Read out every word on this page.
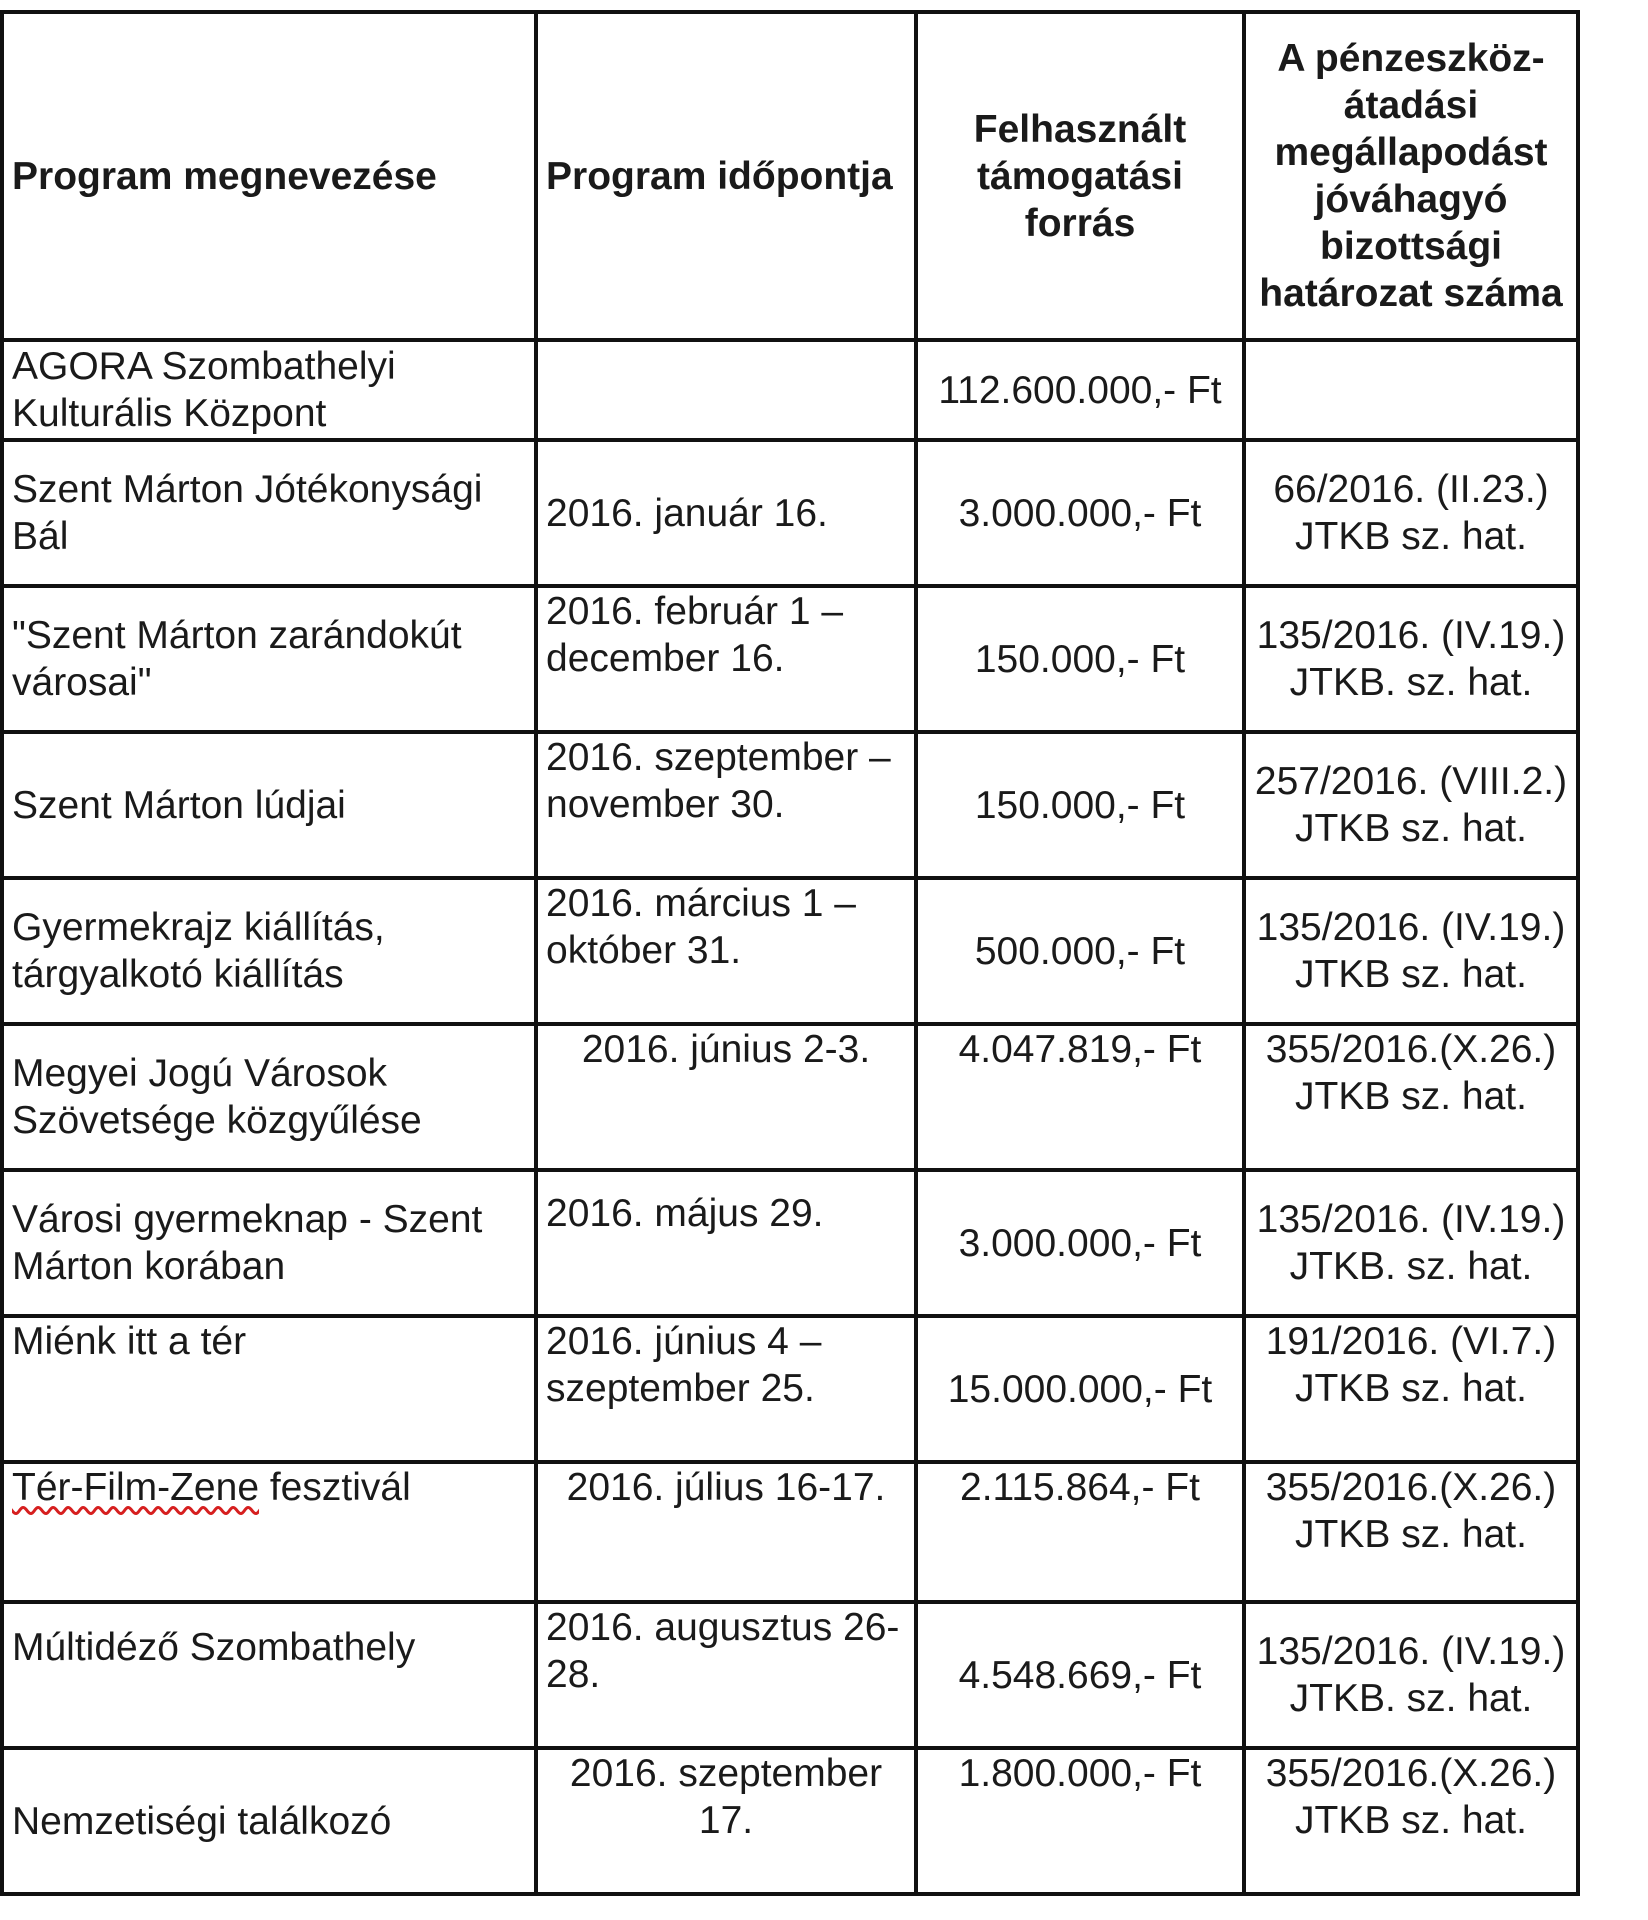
Program megnevezése	Program időpontja	Felhasznált támogatási forrás	A pénzeszköz-átadási megállapodást jóváhagyó bizottsági határozat száma
AGORA Szombathelyi Kulturális Központ		112.600.000,- Ft	
Szent Márton Jótékonysági Bál	2016. január 16.	3.000.000,- Ft	66/2016. (II.23.) JTKB sz. hat.
"Szent Márton zarándokút városai"	2016. február 1 – december 16.	150.000,- Ft	135/2016. (IV.19.) JTKB. sz. hat.
Szent Márton lúdjai	2016. szeptember – november 30.	150.000,- Ft	257/2016. (VIII.2.) JTKB sz. hat.
Gyermekrajz kiállítás, tárgyalkotó kiállítás	2016. március 1 – október 31.	500.000,- Ft	135/2016. (IV.19.) JTKB sz. hat.
Megyei Jogú Városok Szövetsége közgyűlése	2016. június 2-3.	4.047.819,- Ft	355/2016.(X.26.) JTKB sz. hat.
Városi gyermeknap - Szent Márton korában	2016. május 29.	3.000.000,- Ft	135/2016. (IV.19.) JTKB. sz. hat.
Miénk itt a tér	2016. június 4 – szeptember 25.	15.000.000,- Ft	191/2016. (VI.7.) JTKB sz. hat.
Tér-Film-Zene fesztivál	2016. július 16-17.	2.115.864,- Ft	355/2016.(X.26.) JTKB sz. hat.
Múltidéző Szombathely	2016. augusztus 26-28.	4.548.669,- Ft	135/2016. (IV.19.) JTKB. sz. hat.
Nemzetiségi találkozó	2016. szeptember 17.	1.800.000,- Ft	355/2016.(X.26.) JTKB sz. hat.
